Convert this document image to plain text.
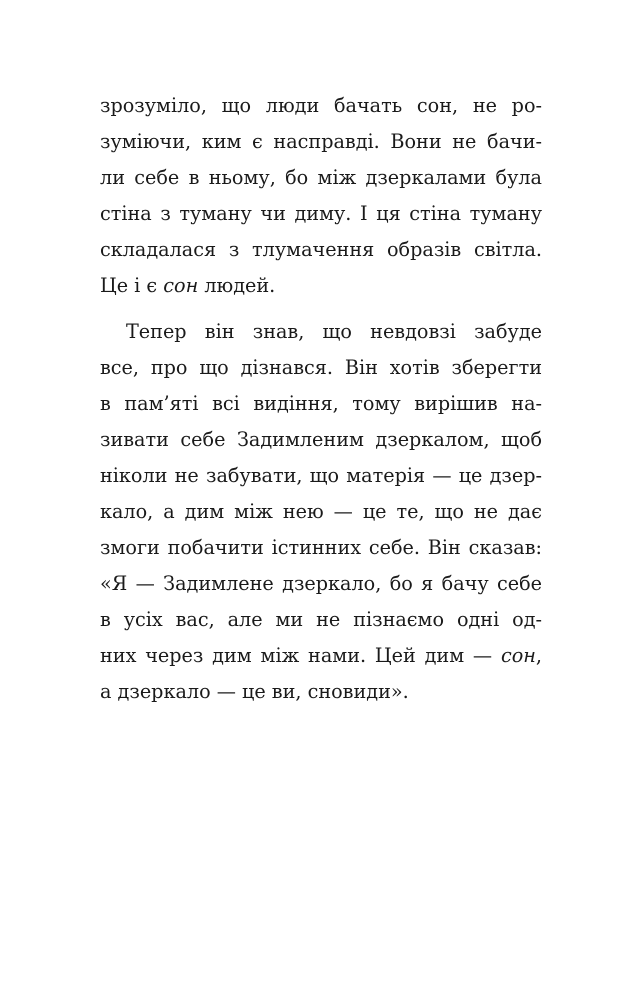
зрозуміло, що люди бачать сон, не ро-
зуміючи, ким є насправді. Вони не бачи-
ли себе в ньому, бо між дзеркалами була
стіна з туману чи диму. І ця стіна туману
складалася з тлумачення образів світла.
Це і є сон людей.
Тепер він знав, що невдовзі забуде
все, про що дізнався. Він хотів зберегти
в пам’яті всі видіння, тому вирішив на-
зивати себе Задимленим дзеркалом, щоб
ніколи не забувати, що матерія — це дзер-
кало, а дим між нею — це те, що не дає
змоги побачити істинних себе. Він сказав:
«Я — Задимлене дзеркало, бо я бачу себе
в усіх вас, але ми не пізнаємо одні од-
них через дим між нами. Цей дим — сон,
а дзеркало — це ви, сновиди».
